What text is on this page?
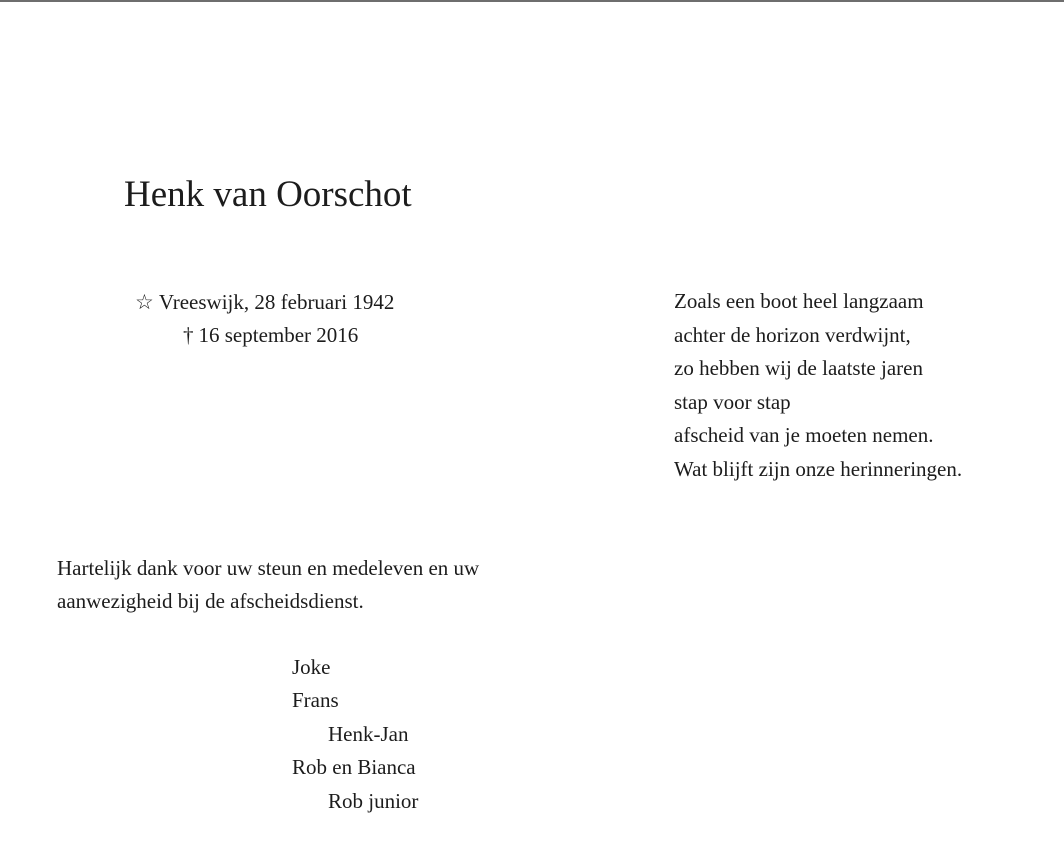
Henk van Oorschot
☆ Vreeswijk, 28 februari 1942
† 16 september 2016
Zoals een boot heel langzaam
achter de horizon verdwijnt,
zo hebben wij de laatste jaren
stap voor stap
afscheid van je moeten nemen.
Wat blijft zijn onze herinneringen.
Hartelijk dank voor uw steun en medeleven en uw
aanwezigheid bij de afscheidsdienst.
Joke
Frans
Henk-Jan
Rob en Bianca
Rob junior
